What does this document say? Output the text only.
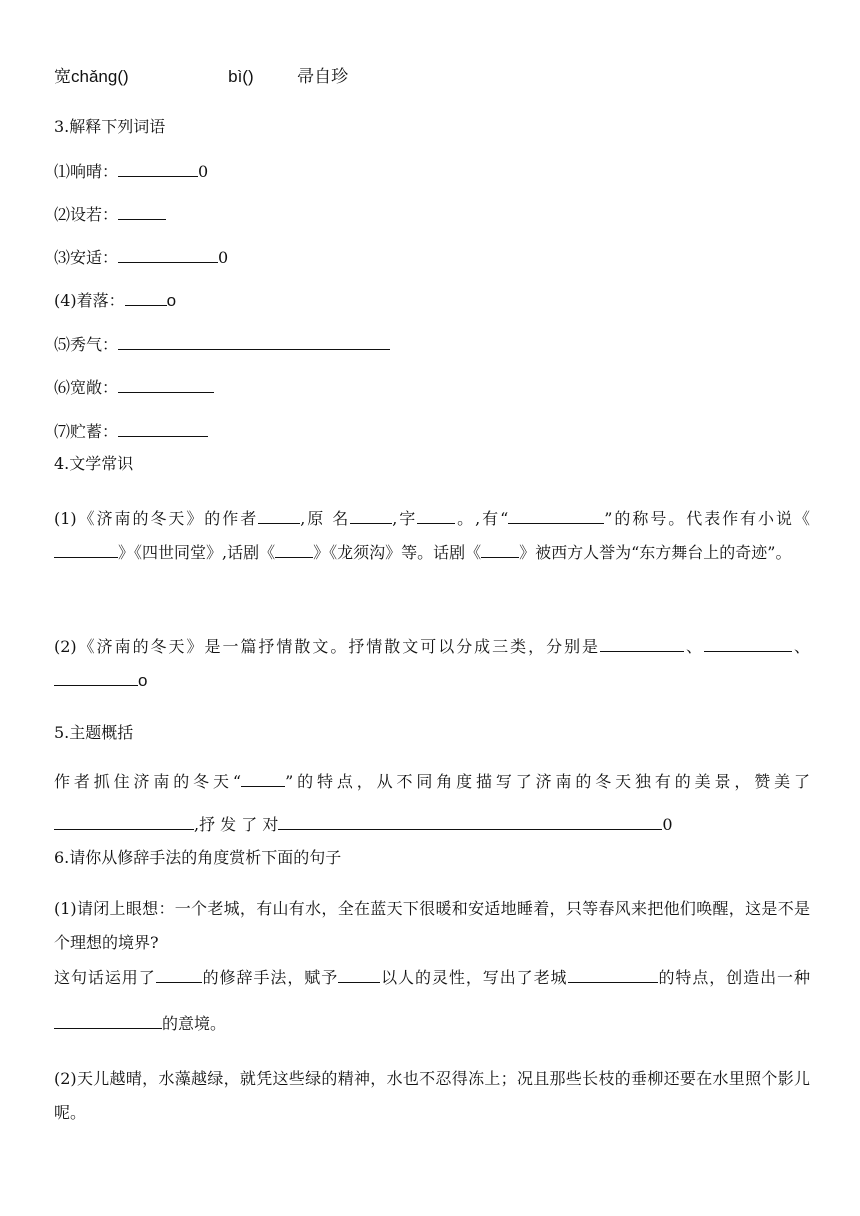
宽chǎng()	bì()	帚自珍
3.解释下列词语
⑴响晴：	0
⑵设若：
⑶安适：	0
(4)着落： o
⑸秀气：
⑹宽敞：
⑺贮蓄：
4.文学常识
(1)《济南的冬天》的作者	,原 名	,字 。,有“	”的称号。代表作有小说《》《四世同堂》,话剧《 》《龙须沟》等。话剧《 》被西方人誉为“东方舞台上的奇迹”。
(2)《济南的冬天》是一篇抒情散文。抒情散文可以分成三类，分别是	、	、o
5.主题概括
作者抓住济南的冬天“	”的特点，从不同角度描写了济南的冬天独有的美景，赞美了,抒 发 了 对	0
6.请你从修辞手法的角度赏析下面的句子
(1)请闭上眼想：一个老城，有山有水，全在蓝天下很暖和安适地睡着，只等春风来把他们唤醒，这是不是个理想的境界?
这句话运用了	的修辞手法，赋予	以人的灵性，写出了老城	的特点，创造出一种的意境。
(2)天儿越晴，水藻越绿，就凭这些绿的精神，水也不忍得冻上；况且那些长枝的垂柳还要在水里照个影儿呢。
